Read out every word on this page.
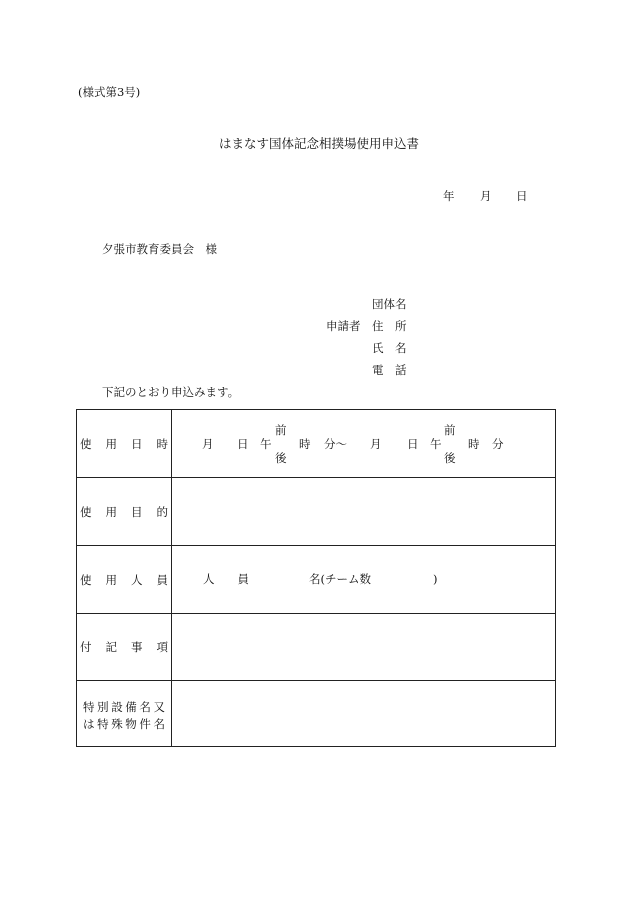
(様式第3号)
はまなす国体記念相撲場使用申込書
年 月 日
夕張市教育委員会　様
団体名
申請者 住　所
氏　名
電　話
下記のとおり申込みます。
使用日時 月 日
前
午
後
時 分〜 月 日
前
午
後
時 分
使用目的
使用人員 人　　員	名(チーム数	)
付記事項
特別設備名又
は特殊物件名
